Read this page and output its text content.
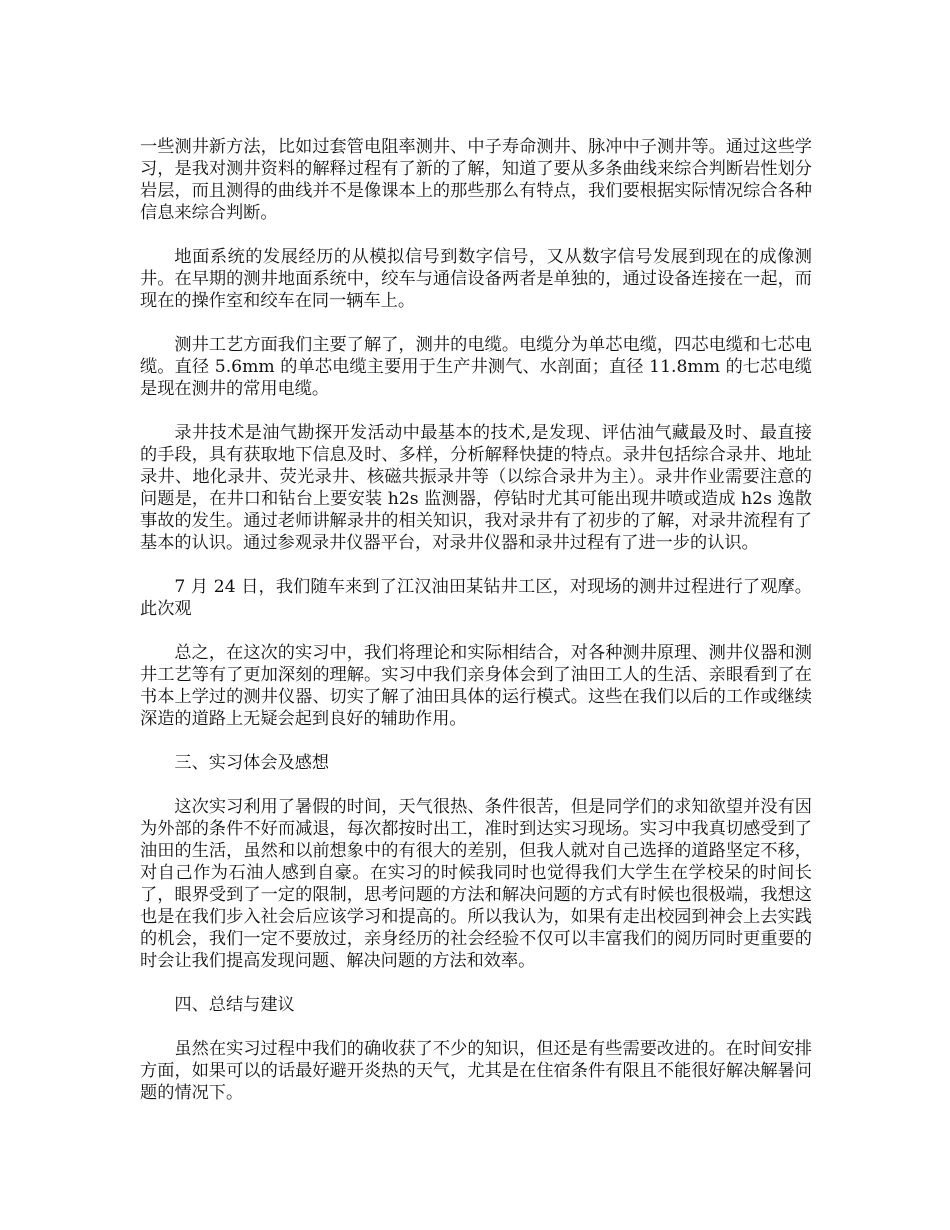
一些测井新方法，比如过套管电阻率测井、中子寿命测井、脉冲中子测井等。通过这些学习，是我对测井资料的解释过程有了新的了解，知道了要从多条曲线来综合判断岩性划分岩层，而且测得的曲线并不是像课本上的那些那么有特点，我们要根据实际情况综合各种信息来综合判断。

地面系统的发展经历的从模拟信号到数字信号，又从数字信号发展到现在的成像测井。在早期的测井地面系统中，绞车与通信设备两者是单独的，通过设备连接在一起，而现在的操作室和绞车在同一辆车上。

测井工艺方面我们主要了解了，测井的电缆。电缆分为单芯电缆，四芯电缆和七芯电缆。直径 5.6mm 的单芯电缆主要用于生产井测气、水剖面；直径 11.8mm 的七芯电缆是现在测井的常用电缆。

录井技术是油气勘探开发活动中最基本的技术,是发现、评估油气藏最及时、最直接的手段，具有获取地下信息及时、多样，分析解释快捷的特点。录井包括综合录井、地址录井、地化录井、荧光录井、核磁共振录井等（以综合录井为主）。录井作业需要注意的问题是，在井口和钻台上要安装 h2s 监测器，停钻时尤其可能出现井喷或造成 h2s 逸散事故的发生。通过老师讲解录井的相关知识，我对录井有了初步的了解，对录井流程有了基本的认识。通过参观录井仪器平台，对录井仪器和录井过程有了进一步的认识。

7 月 24 日，我们随车来到了江汉油田某钻井工区，对现场的测井过程进行了观摩。此次观

总之，在这次的实习中，我们将理论和实际相结合，对各种测井原理、测井仪器和测井工艺等有了更加深刻的理解。实习中我们亲身体会到了油田工人的生活、亲眼看到了在书本上学过的测井仪器、切实了解了油田具体的运行模式。这些在我们以后的工作或继续深造的道路上无疑会起到良好的辅助作用。

三、实习体会及感想

这次实习利用了暑假的时间，天气很热、条件很苦，但是同学们的求知欲望并没有因为外部的条件不好而减退，每次都按时出工，准时到达实习现场。实习中我真切感受到了油田的生活，虽然和以前想象中的有很大的差别，但我人就对自己选择的道路坚定不移，对自己作为石油人感到自豪。在实习的时候我同时也觉得我们大学生在学校呆的时间长了，眼界受到了一定的限制，思考问题的方法和解决问题的方式有时候也很极端，我想这也是在我们步入社会后应该学习和提高的。所以我认为，如果有走出校园到神会上去实践的机会，我们一定不要放过，亲身经历的社会经验不仅可以丰富我们的阅历同时更重要的时会让我们提高发现问题、解决问题的方法和效率。

四、总结与建议

虽然在实习过程中我们的确收获了不少的知识，但还是有些需要改进的。在时间安排方面，如果可以的话最好避开炎热的天气，尤其是在住宿条件有限且不能很好解决解暑问题的情况下。
